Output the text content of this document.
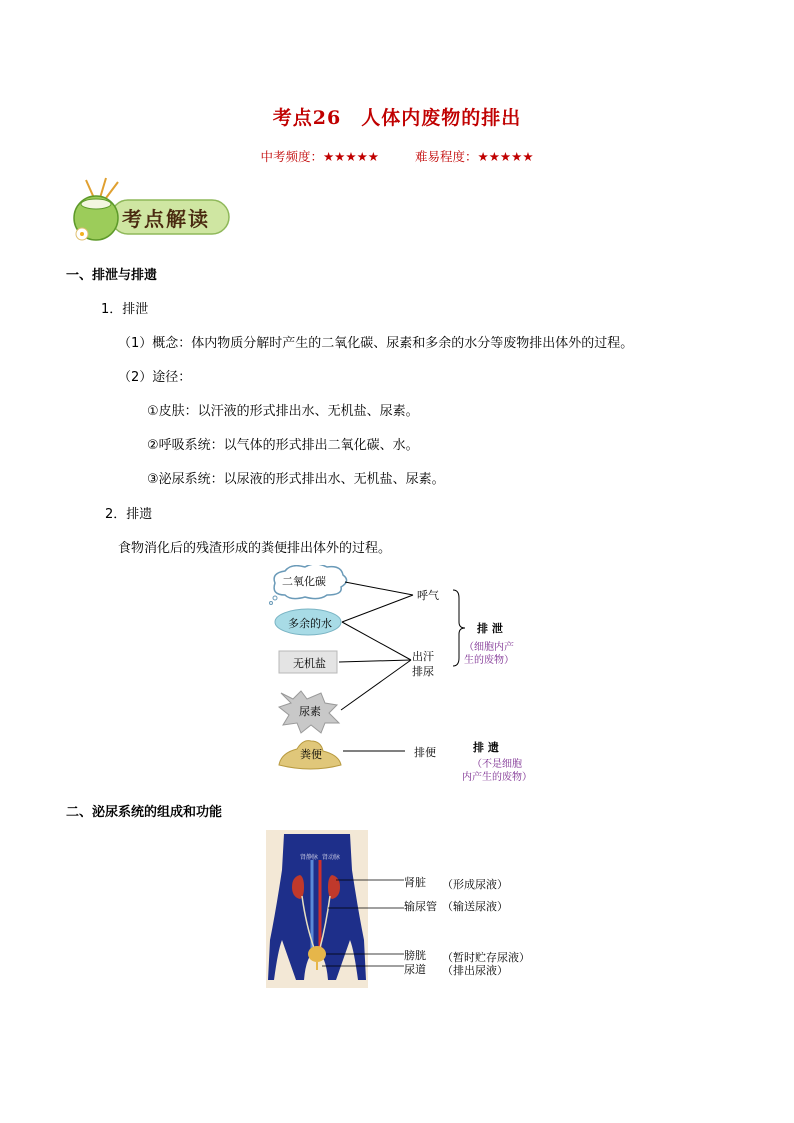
考点26　人体内废物的排出
中考频度：★★★★★	难易程度：★★★★★
考点解读
一、排泄与排遗
1．排泄
（1）概念：体内物质分解时产生的二氧化碳、尿素和多余的水分等废物排出体外的过程。
（2）途径：
①皮肤：以汗液的形式排出水、无机盐、尿素。
②呼吸系统：以气体的形式排出二氧化碳、水。
③泌尿系统：以尿液的形式排出水、无机盐、尿素。
2．排遗
食物消化后的残渣形成的粪便排出体外的过程。
二氧化碳
多余的水
无机盐
尿素
粪便
呼气
出汗
排尿
排便
排 泄
（细胞内产
生的废物）
排 遗
（不是细胞
内产生的废物）
二、泌尿系统的组成和功能
肾静脉 肾动脉
肾脏 （形成尿液）
输尿管 （输送尿液）
膀胱 （暂时贮存尿液）
尿道 （排出尿液）
